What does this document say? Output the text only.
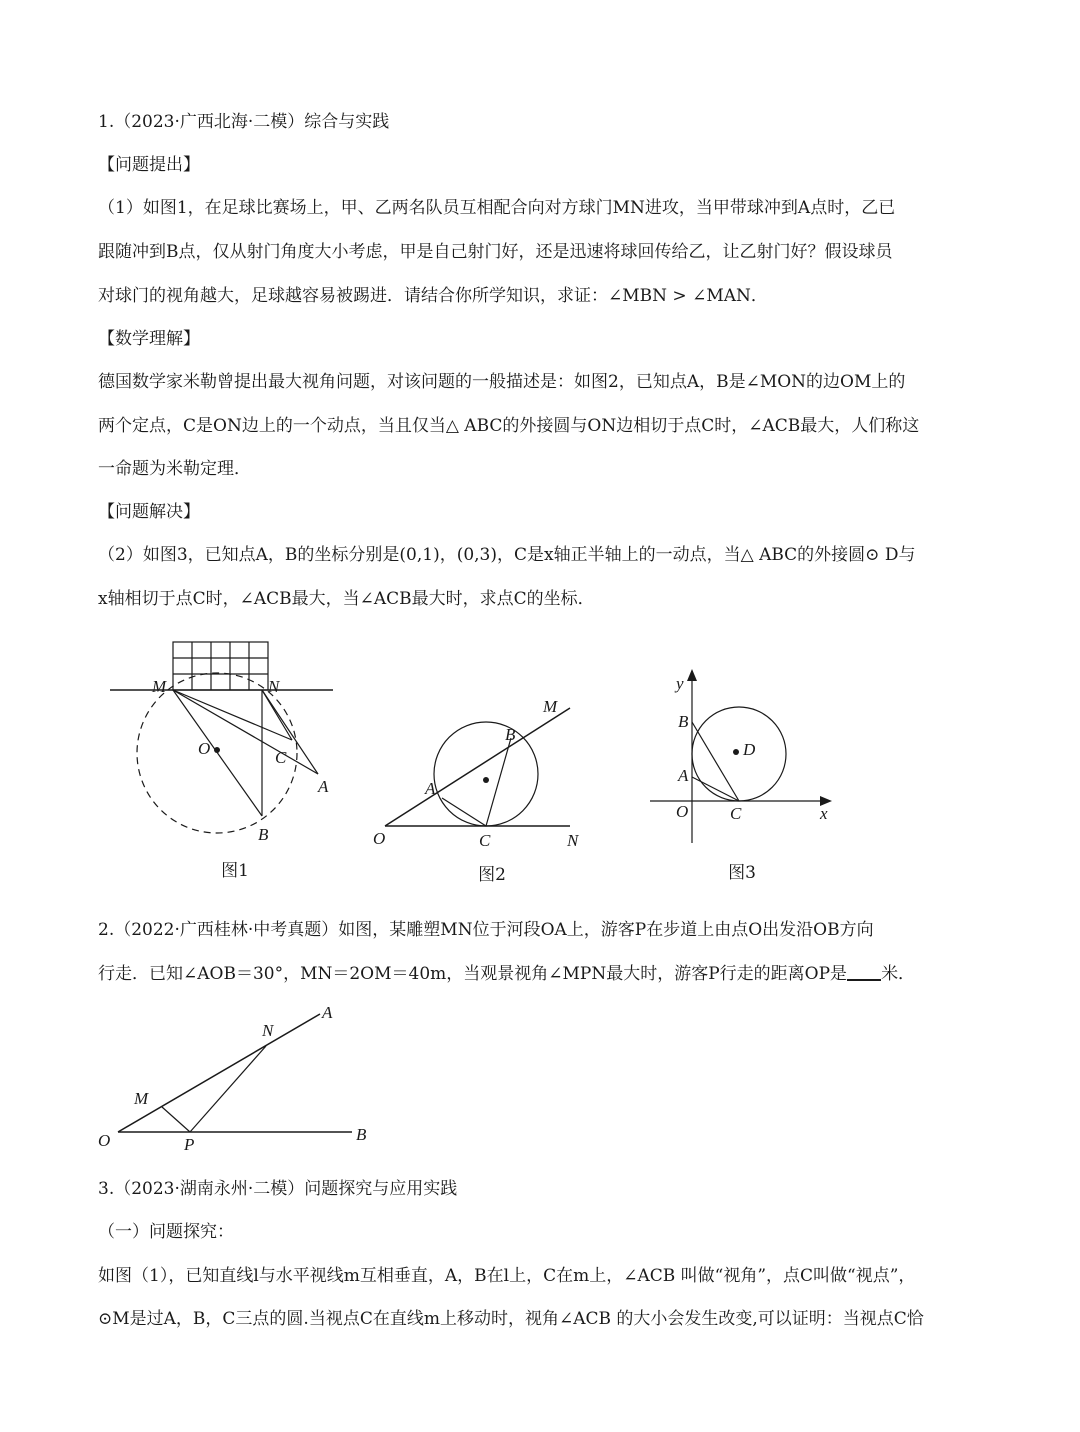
1.（2023·广西北海·二模）综合与实践
【问题提出】
（1）如图1，在足球比赛场上，甲、乙两名队员互相配合向对方球门MN进攻，当甲带球冲到A点时，乙已
跟随冲到B点，仅从射门角度大小考虑，甲是自己射门好，还是迅速将球回传给乙，让乙射门好？假设球员
对球门的视角越大，足球越容易被踢进．请结合你所学知识，求证：∠MBN > ∠MAN．
【数学理解】
德国数学家米勒曾提出最大视角问题，对该问题的一般描述是：如图2，已知点A，B是∠MON的边OM上的
两个定点，C是ON边上的一个动点，当且仅当△ ABC的外接圆与ON边相切于点C时，∠ACB最大，人们称这
一命题为米勒定理．
【问题解决】
（2）如图3，已知点A，B的坐标分别是(0,1)，(0,3)，C是x轴正半轴上的一动点，当△ ABC的外接圆⊙ D与
x轴相切于点C时，∠ACB最大，当∠ACB最大时，求点C的坐标．
M	N
O	C
A
B
图1
M
B
A
O	C	N
图2
y
B
D
A
O C	x
图3
2.（2022·广西桂林·中考真题）如图，某雕塑MN位于河段OA上，游客P在步道上由点O出发沿OB方向
行走．已知∠AOB＝30°，MN＝2OM＝40m，当观景视角∠MPN最大时，游客P行走的距离OP是 米．
N
A
M
O	P
B
3.（2023·湖南永州·二模）问题探究与应用实践
（一）问题探究：
如图（1），已知直线l与水平视线m互相垂直，A，B在l上，C在m上，∠ACB 叫做“视角”，点C叫做“视点”，
⊙M是过A，B，C三点的圆.当视点C在直线m上移动时，视角∠ACB 的大小会发生改变,可以证明：当视点C恰
